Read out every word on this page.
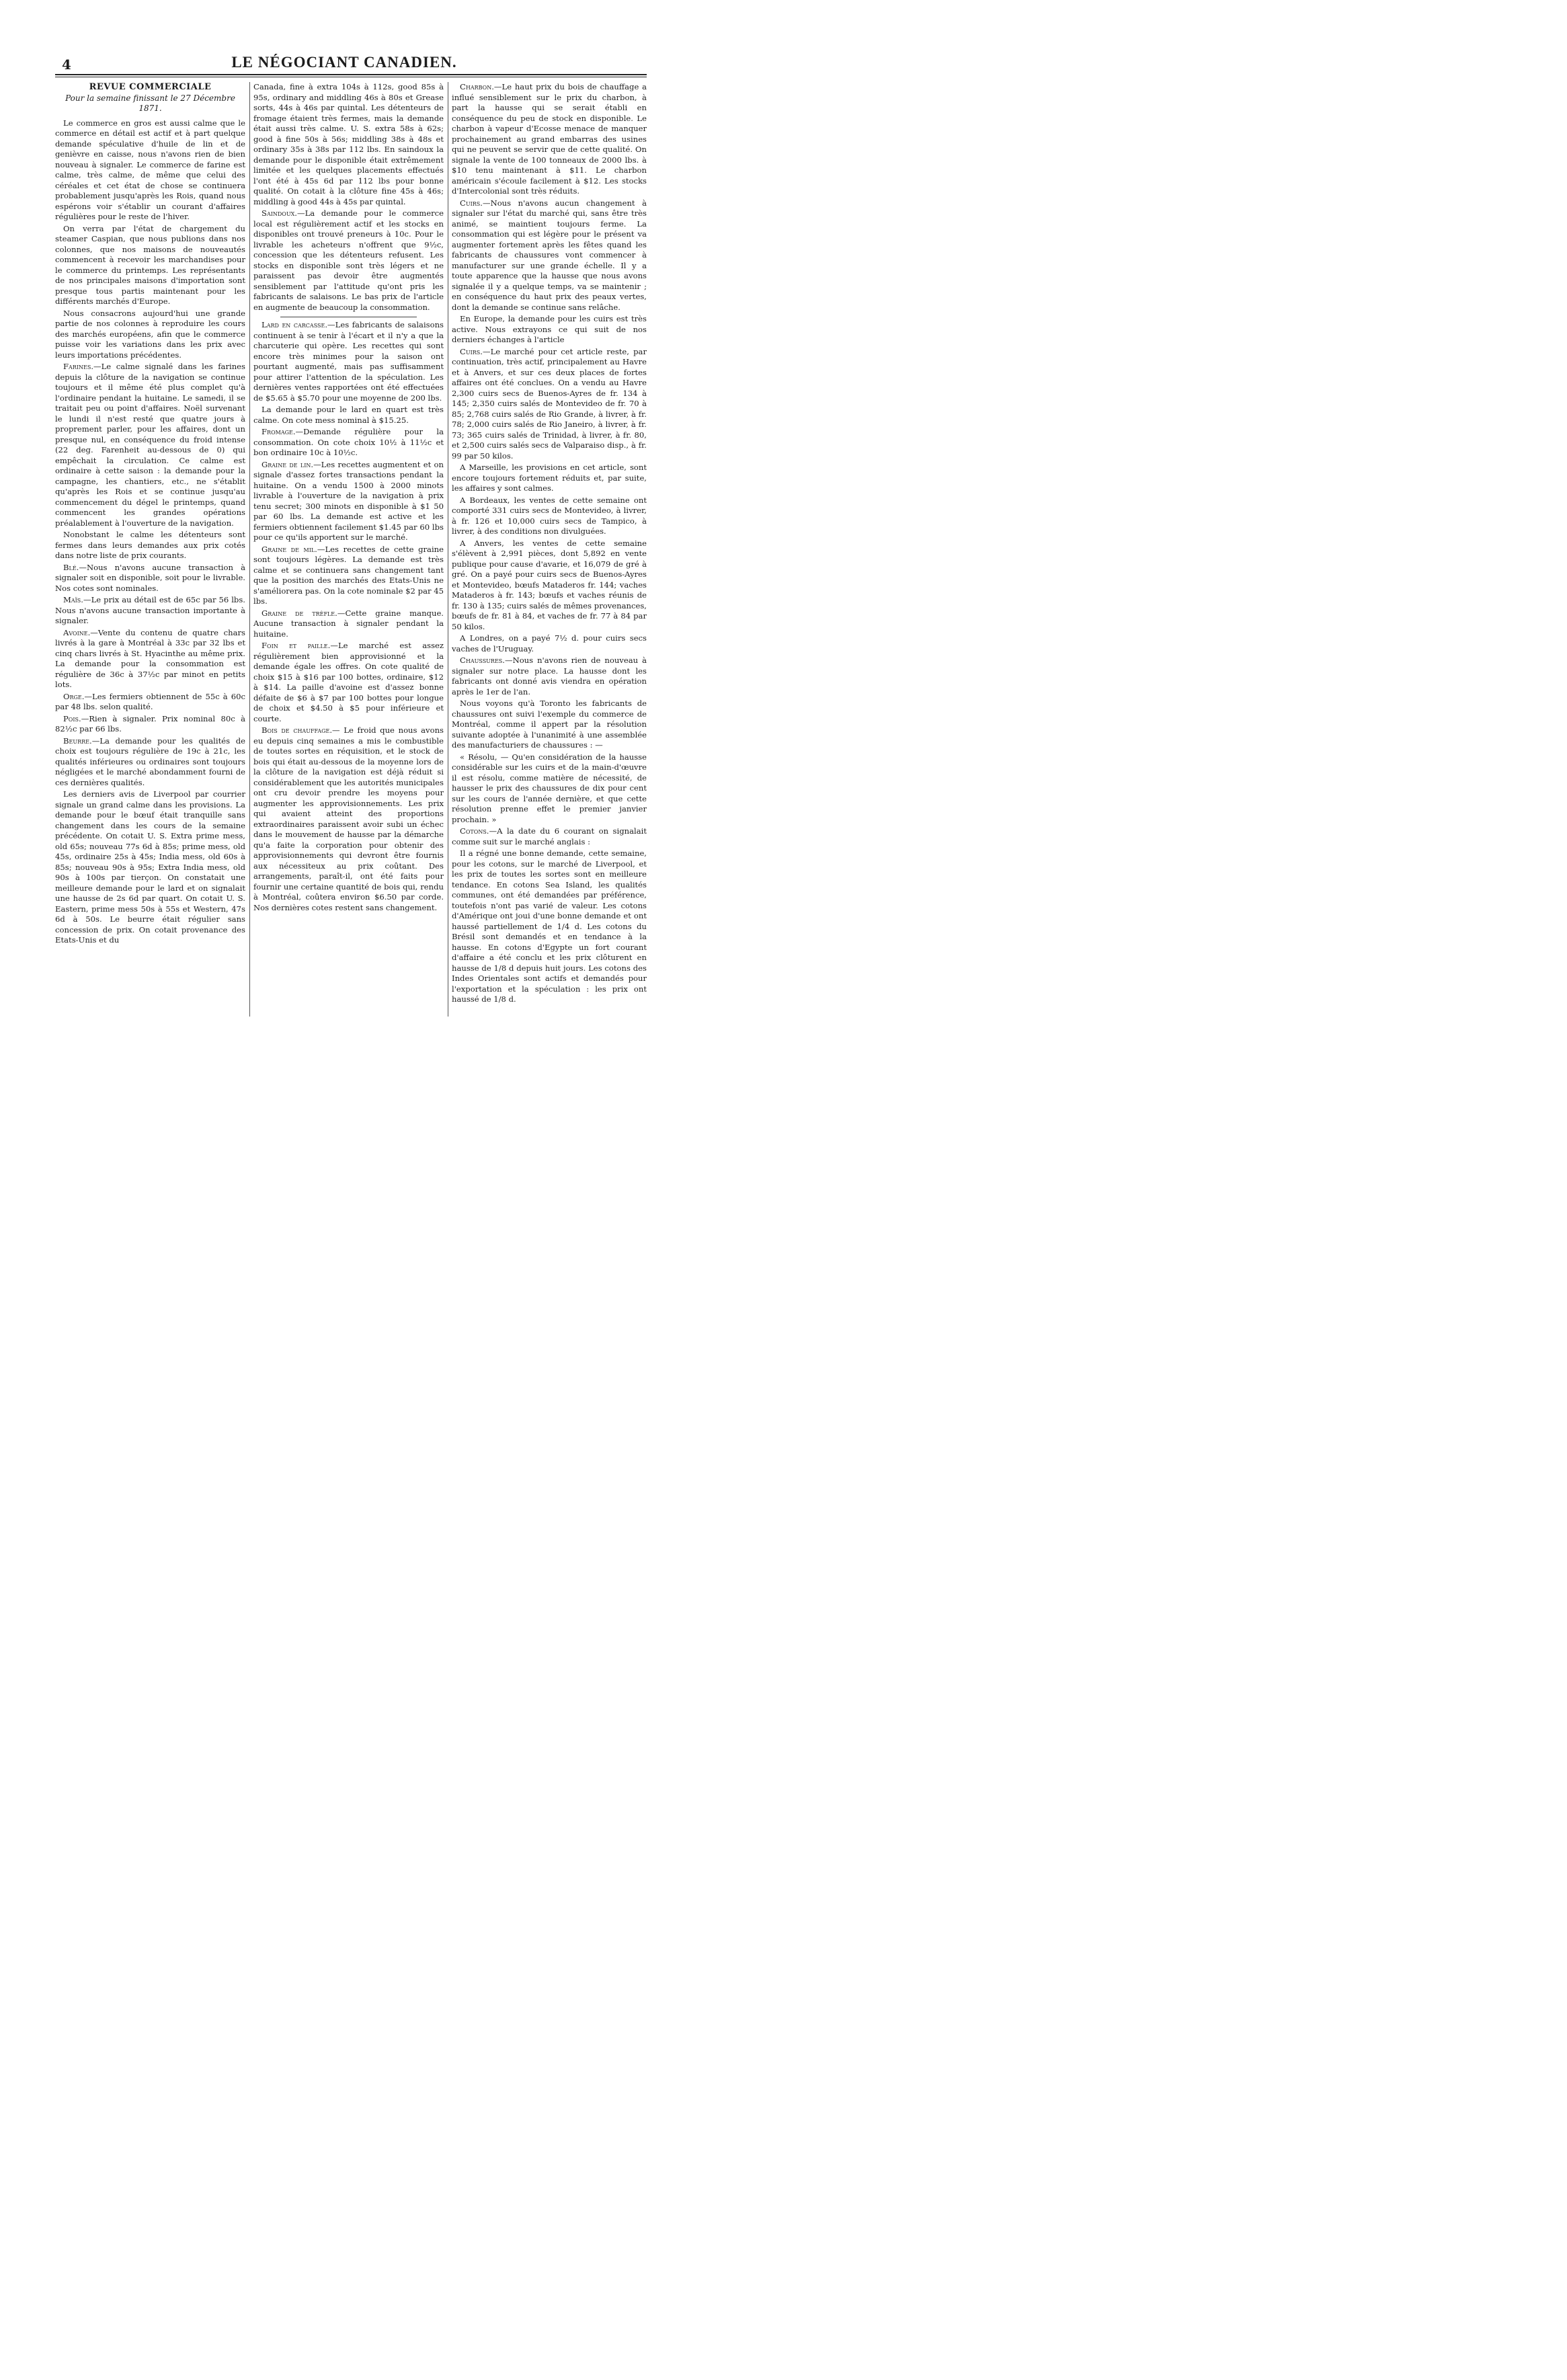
4	LE NÉGOCIANT CANADIEN.
REVUE COMMERCIALE
Pour la semaine finissant le 27 Décembre 1871.

Le commerce en gros est aussi calme que le commerce en détail est actif et à part quelque demande spéculative d'huile de lin et de genièvre en caisse, nous n'avons rien de bien nouveau à signaler. Le commerce de farine est calme, très calme, de même que celui des céréales et cet état de chose se continuera probablement jusqu'après les Rois, quand nous espérons voir s'établir un courant d'affaires régulières pour le reste de l'hiver.

On verra par l'état de chargement du steamer Caspian, que nous publions dans nos colonnes, que nos maisons de nouveautés commencent à recevoir les marchandises pour le commerce du printemps. Les représentants de nos principales maisons d'importation sont presque tous partis maintenant pour les différents marchés d'Europe.

Nous consacrons aujourd'hui une grande partie de nos colonnes à reproduire les cours des marchés européens, afin que le commerce puisse voir les variations dans les prix avec leurs importations précédentes.

Farines.—Le calme signalé dans les farines depuis la clôture de la navigation se continue toujours et il même été plus complet qu'à l'ordinaire pendant la huitaine. Le samedi, il se traitait peu ou point d'affaires. Noël survenant le lundi il n'est resté que quatre jours à proprement parler, pour les affaires, dont un presque nul, en conséquence du froid intense (22 deg. Farenheit au-dessous de 0) qui empêchait la circulation. Ce calme est ordinaire à cette saison : la demande pour la campagne, les chantiers, etc., ne s'établit qu'après les Rois et se continue jusqu'au commencement du dégel le printemps, quand commencent les grandes opérations préalablement à l'ouverture de la navigation.

Nonobstant le calme les détenteurs sont fermes dans leurs demandes aux prix cotés dans notre liste de prix courants.

Blé.—Nous n'avons aucune transaction à signaler soit en disponible, soit pour le livrable. Nos cotes sont nominales.

Maïs.—Le prix au détail est de 65c par 56 lbs. Nous n'avons aucune transaction importante à signaler.

Avoine.—Vente du contenu de quatre chars livrés à la gare à Montréal à 33c par 32 lbs et cinq chars livrés à St. Hyacinthe au même prix. La demande pour la consommation est régulière de 36c à 37½c par minot en petits lots.

Orge.—Les fermiers obtiennent de 55c à 60c par 48 lbs. selon qualité.

Pois.—Rien à signaler. Prix nominal 80c à 82½c par 66 lbs.

Beurre.—La demande pour les qualités de choix est toujours régulière de 19c à 21c, les qualités inférieures ou ordinaires sont toujours négligées et le marché abondamment fourni de ces dernières qualités.

Les derniers avis de Liverpool par courrier signale un grand calme dans les provisions. La demande pour le bœuf était tranquille sans changement dans les cours de la semaine précédente. On cotait U. S. Extra prime mess, old 65s; nouveau 77s 6d à 85s; prime mess, old 45s, ordinaire 25s à 45s; India mess, old 60s à 85s; nouveau 90s à 95s; Extra India mess, old 90s à 100s par tierçon. On constatait une meilleure demande pour le lard et on signalait une hausse de 2s 6d par quart. On cotait U. S. Eastern, prime mess 50s à 55s et Western, 47s 6d à 50s. Le beurre était régulier sans concession de prix. On cotait provenance des Etats-Unis et du

Canada, fine à extra 104s à 112s, good 85s à 95s, ordinary and middling 46s à 80s et Grease sorts, 44s à 46s par quintal. Les détenteurs de fromage étaient très fermes, mais la demande était aussi très calme. U. S. extra 58s à 62s; good à fine 50s à 56s; middling 38s à 48s et ordinary 35s à 38s par 112 lbs. En saindoux la demande pour le disponible était extrêmement limitée et les quelques placements effectués l'ont été à 45s 6d par 112 lbs pour bonne qualité. On cotait à la clôture fine 45s à 46s; middling à good 44s à 45s par quintal.

Saindoux.—La demande pour le commerce local est régulièrement actif et les stocks en disponibles ont trouvé preneurs à 10c. Pour le livrable les acheteurs n'offrent que 9½c, concession que les détenteurs refusent. Les stocks en disponible sont très légers et ne paraissent pas devoir être augmentés sensiblement par l'attitude qu'ont pris les fabricants de salaisons. Le bas prix de l'article en augmente de beaucoup la consommation.

Lard en carcasse.—Les fabricants de salaisons continuent à se tenir à l'écart et il n'y a que la charcuterie qui opère. Les recettes qui sont encore très minimes pour la saison ont pourtant augmenté, mais pas suffisamment pour attirer l'attention de la spéculation. Les dernières ventes rapportées ont été effectuées de $5.65 à $5.70 pour une moyenne de 200 lbs.

La demande pour le lard en quart est très calme. On cote mess nominal à $15.25.

Fromage.—Demande régulière pour la consommation. On cote choix 10½ à 11½c et bon ordinaire 10c à 10½c.

Graine de lin.—Les recettes augmentent et on signale d'assez fortes transactions pendant la huitaine. On a vendu 1500 à 2000 minots livrable à l'ouverture de la navigation à prix tenu secret; 300 minots en disponible à $1 50 par 60 lbs. La demande est active et les fermiers obtiennent facilement $1.45 par 60 lbs pour ce qu'ils apportent sur le marché.

Graine de mil.—Les recettes de cette graine sont toujours légères. La demande est très calme et se continuera sans changement tant que la position des marchés des Etats-Unis ne s'améliorera pas. On la cote nominale $2 par 45 lbs.

Graine de trèfle.—Cette graine manque. Aucune transaction à signaler pendant la huitaine.

Foin et paille.—Le marché est assez régulièrement bien approvisionné et la demande égale les offres. On cote qualité de choix $15 à $16 par 100 bottes, ordinaire, $12 à $14. La paille d'avoine est d'assez bonne défaite de $6 à $7 par 100 bottes pour longue de choix et $4.50 à $5 pour inférieure et courte.

Bois de chauffage.— Le froid que nous avons eu depuis cinq semaines a mis le combustible de toutes sortes en réquisition, et le stock de bois qui était au-dessous de la moyenne lors de la clôture de la navigation est déjà réduit si considérablement que les autorités municipales ont cru devoir prendre les moyens pour augmenter les approvisionnements. Les prix qui avaient atteint des proportions extraordinaires paraissent avoir subi un échec dans le mouvement de hausse par la démarche qu'a faite la corporation pour obtenir des approvisionnements qui devront être fournis aux nécessiteux au prix coûtant. Des arrangements, paraît-il, ont été faits pour fournir une certaine quantité de bois qui, rendu à Montréal, coûtera environ $6.50 par corde. Nos dernières cotes restent sans changement.

Charbon.—Le haut prix du bois de chauffage a influé sensiblement sur le prix du charbon, à part la hausse qui se serait établi en conséquence du peu de stock en disponible. Le charbon à vapeur d'Ecosse menace de manquer prochainement au grand embarras des usines qui ne peuvent se servir que de cette qualité. On signale la vente de 100 tonneaux de 2000 lbs. à $10 tenu maintenant à $11. Le charbon américain s'écoule facilement à $12. Les stocks d'Intercolonial sont très réduits.

Cuirs.—Nous n'avons aucun changement à signaler sur l'état du marché qui, sans être très animé, se maintient toujours ferme. La consommation qui est légère pour le présent va augmenter fortement après les fêtes quand les fabricants de chaussures vont commencer à manufacturer sur une grande échelle. Il y a toute apparence que la hausse que nous avons signalée il y a quelque temps, va se maintenir ; en conséquence du haut prix des peaux vertes, dont la demande se continue sans relâche.

En Europe, la demande pour les cuirs est très active. Nous extrayons ce qui suit de nos derniers échanges à l'article

Cuirs.—Le marché pour cet article reste, par continuation, très actif, principalement au Havre et à Anvers, et sur ces deux places de fortes affaires ont été conclues. On a vendu au Havre 2,300 cuirs secs de Buenos-Ayres de fr. 134 à 145; 2,350 cuirs salés de Montevideo de fr. 70 à 85; 2,768 cuirs salés de Rio Grande, à livrer, à fr. 78; 2,000 cuirs salés de Rio Janeiro, à livrer, à fr. 73; 365 cuirs salés de Trinidad, à livrer, à fr. 80, et 2,500 cuirs salés secs de Valparaiso disp., à fr. 99 par 50 kilos.

A Marseille, les provisions en cet article, sont encore toujours fortement réduits et, par suite, les affaires y sont calmes.

A Bordeaux, les ventes de cette semaine ont comporté 331 cuirs secs de Montevideo, à livrer, à fr. 126 et 10,000 cuirs secs de Tampico, à livrer, à des conditions non divulguées.

A Anvers, les ventes de cette semaine s'élèvent à 2,991 pièces, dont 5,892 en vente publique pour cause d'avarie, et 16,079 de gré à gré. On a payé pour cuirs secs de Buenos-Ayres et Montevideo, bœufs Mataderos fr. 144; vaches Mataderos à fr. 143; bœufs et vaches réunis de fr. 130 à 135; cuirs salés de mêmes provenances, bœufs de fr. 81 à 84, et vaches de fr. 77 à 84 par 50 kilos.

A Londres, on a payé 7½ d. pour cuirs secs vaches de l'Uruguay.

Chaussures.—Nous n'avons rien de nouveau à signaler sur notre place. La hausse dont les fabricants ont donné avis viendra en opération après le 1er de l'an.

Nous voyons qu'à Toronto les fabricants de chaussures ont suivi l'exemple du commerce de Montréal, comme il appert par la résolution suivante adoptée à l'unanimité à une assemblée des manufacturiers de chaussures : —

« Résolu, — Qu'en considération de la hausse considérable sur les cuirs et de la main-d'œuvre il est résolu, comme matière de nécessité, de hausser le prix des chaussures de dix pour cent sur les cours de l'année dernière, et que cette résolution prenne effet le premier janvier prochain. »

Cotons.—A la date du 6 courant on signalait comme suit sur le marché anglais :

Il a régné une bonne demande, cette semaine, pour les cotons, sur le marché de Liverpool, et les prix de toutes les sortes sont en meilleure tendance. En cotons Sea Island, les qualités communes, ont été demandées par préférence, toutefois n'ont pas varié de valeur. Les cotons d'Amérique ont joui d'une bonne demande et ont haussé partiellement de 1/4 d. Les cotons du Brésil sont demandés et en tendance à la hausse. En cotons d'Egypte un fort courant d'affaire a été conclu et les prix clôturent en hausse de 1/8 d depuis huit jours. Les cotons des Indes Orientales sont actifs et demandés pour l'exportation et la spéculation : les prix ont haussé de 1/8 d.
